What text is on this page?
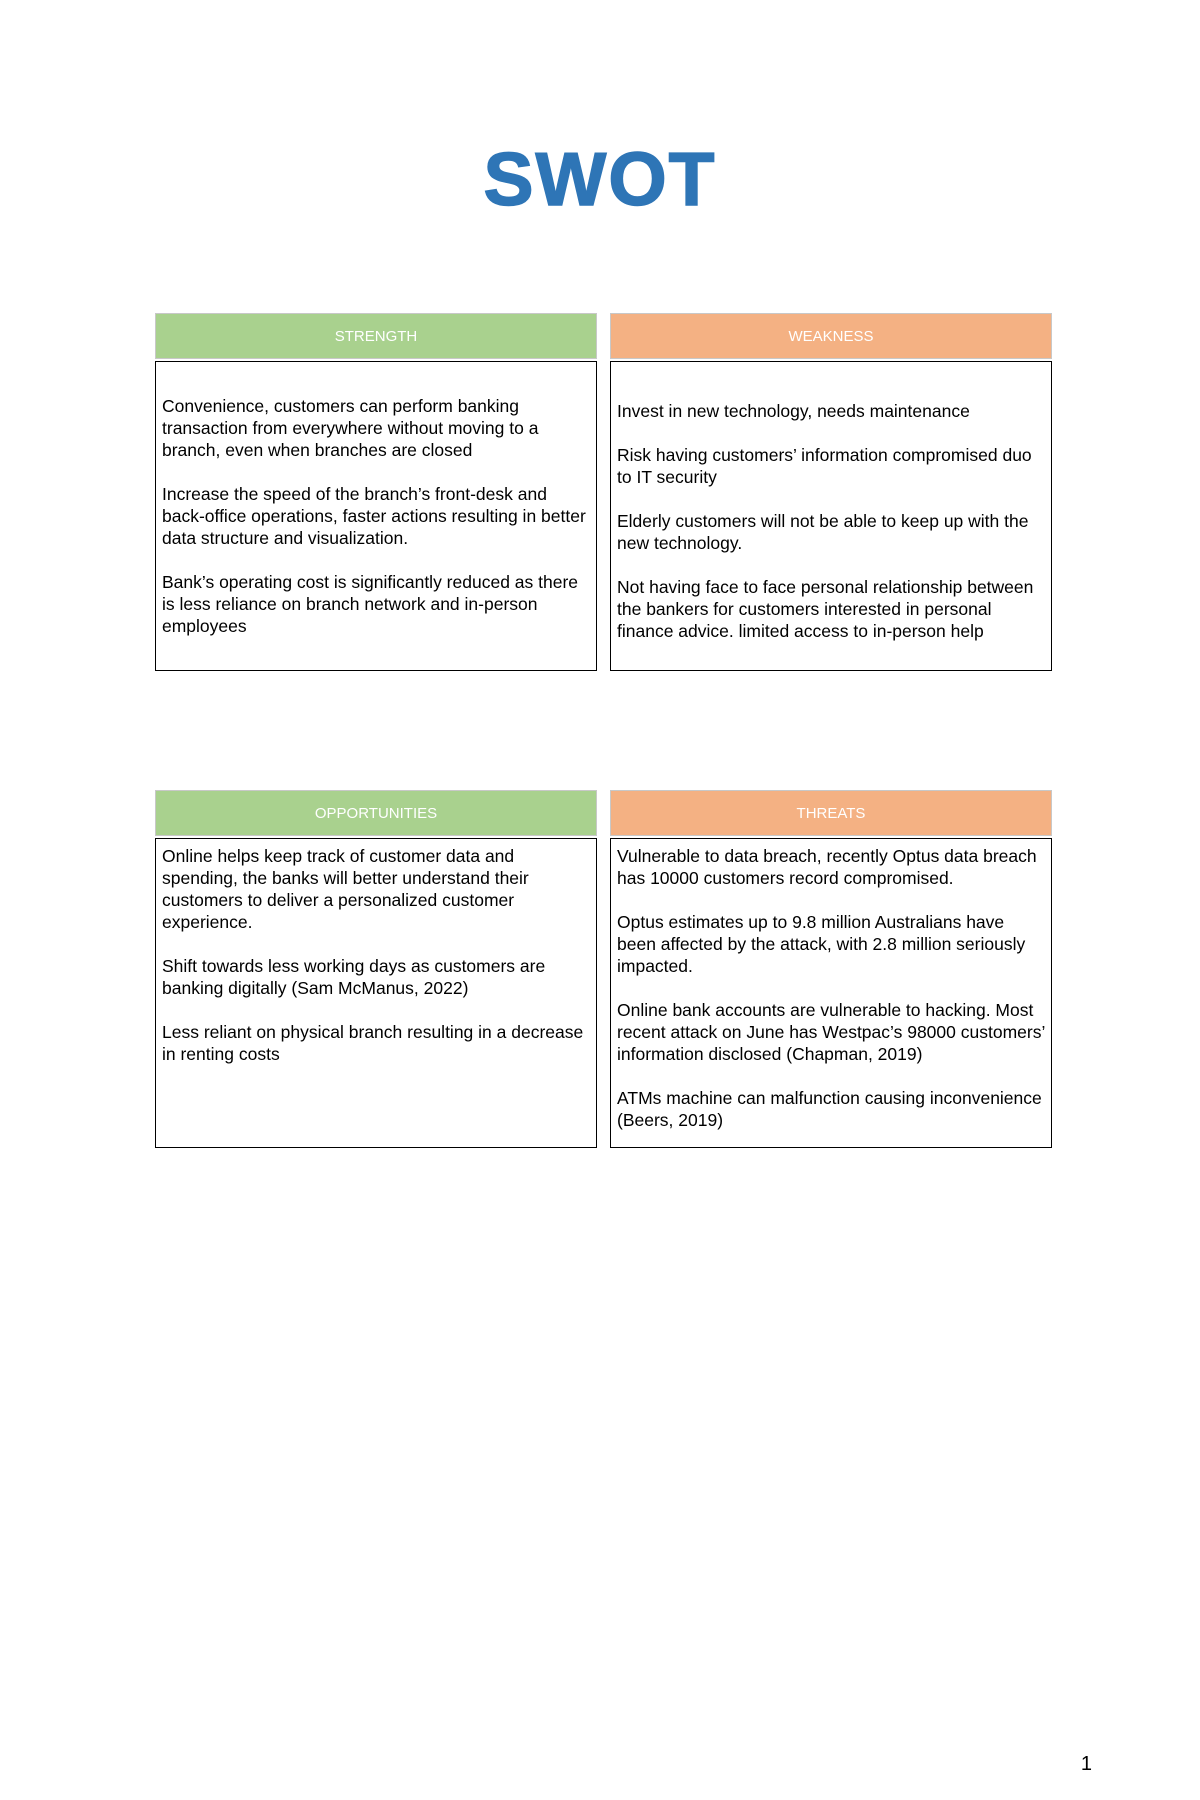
SWOT
STRENGTH

Convenience, customers can perform banking transaction from everywhere without moving to a branch, even when branches are closed

Increase the speed of the branch’s front-desk and back-office operations, faster actions resulting in better data structure and visualization.

Bank’s operating cost is significantly reduced as there is less reliance on branch network and in-person employees

WEAKNESS

Invest in new technology, needs maintenance

Risk having customers’ information compromised duo to IT security

Elderly customers will not be able to keep up with the new technology.

Not having face to face personal relationship between the bankers for customers interested in personal finance advice. limited access to in-person help

OPPORTUNITIES

Online helps keep track of customer data and spending, the banks will better understand their customers to deliver a personalized customer experience.

Shift towards less working days as customers are banking digitally (Sam McManus, 2022)

Less reliant on physical branch resulting in a decrease in renting costs

THREATS

Vulnerable to data breach, recently Optus data breach has 10000 customers record compromised.

Optus estimates up to 9.8 million Australians have been affected by the attack, with 2.8 million seriously impacted.

Online bank accounts are vulnerable to hacking. Most recent attack on June has Westpac’s 98000 customers’ information disclosed (Chapman, 2019)

ATMs machine can malfunction causing inconvenience (Beers, 2019)

1
